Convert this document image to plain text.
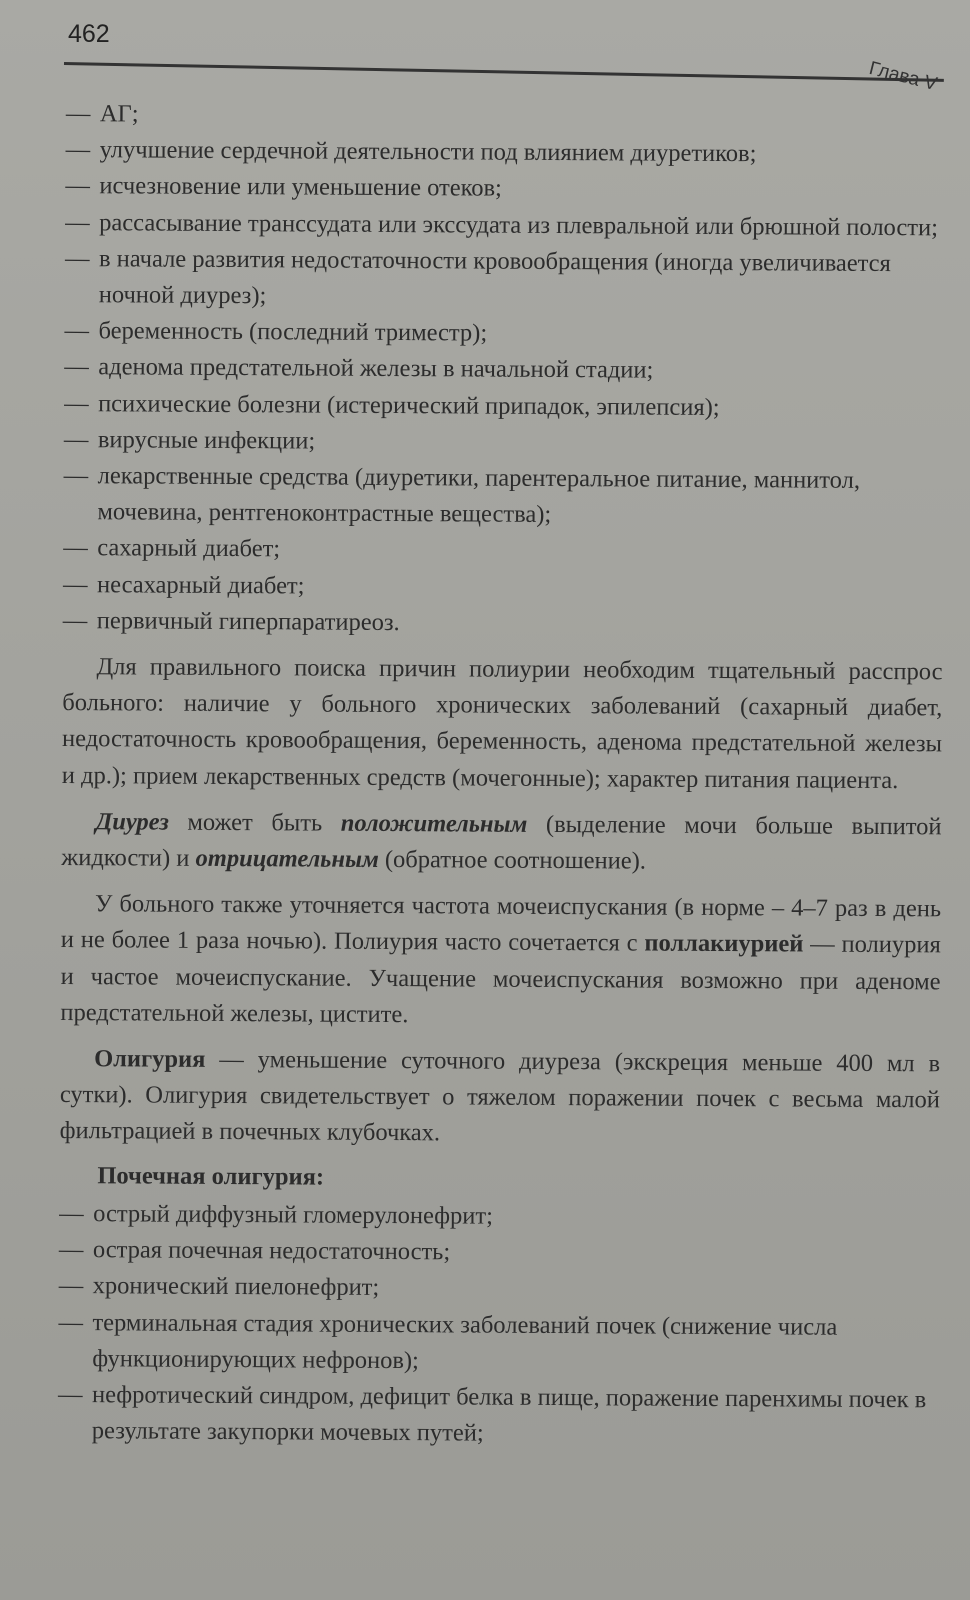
462
Глава V
— АГ;
— улучшение сердечной деятельности под влиянием диуретиков;
— исчезновение или уменьшение отеков;
— рассасывание транссудата или экссудата из плевральной или брюшной полости;
— в начале развития недостаточности кровообращения (иногда увеличивается ночной диурез);
— беременность (последний триместр);
— аденома предстательной железы в начальной стадии;
— психические болезни (истерический припадок, эпилепсия);
— вирусные инфекции;
— лекарственные средства (диуретики, парентеральное питание, маннитол, мочевина, рентгеноконтрастные вещества);
— сахарный диабет;
— несахарный диабет;
— первичный гиперпаратиреоз.

Для правильного поиска причин полиурии необходим тщательный расспрос больного: наличие у больного хронических заболеваний (сахарный диабет, недостаточность кровообращения, беременность, аденома предстательной железы и др.); прием лекарственных средств (мочегонные); характер питания пациента.

Диурез может быть положительным (выделение мочи больше выпитой жидкости) и отрицательным (обратное соотношение).

У больного также уточняется частота мочеиспускания (в норме – 4–7 раз в день и не более 1 раза ночью). Полиурия часто сочетается с поллакиурией — полиурия и частое мочеиспускание. Учащение мочеиспускания возможно при аденоме предстательной железы, цистите.

Олигурия — уменьшение суточного диуреза (экскреция меньше 400 мл в сутки). Олигурия свидетельствует о тяжелом поражении почек с весьма малой фильтрацией в почечных клубочках.

Почечная олигурия:
— острый диффузный гломерулонефрит;
— острая почечная недостаточность;
— хронический пиелонефрит;
— терминальная стадия хронических заболеваний почек (снижение числа функционирующих нефронов);
— нефротический синдром, дефицит белка в пище, поражение паренхимы почек в результате закупорки мочевых путей;
